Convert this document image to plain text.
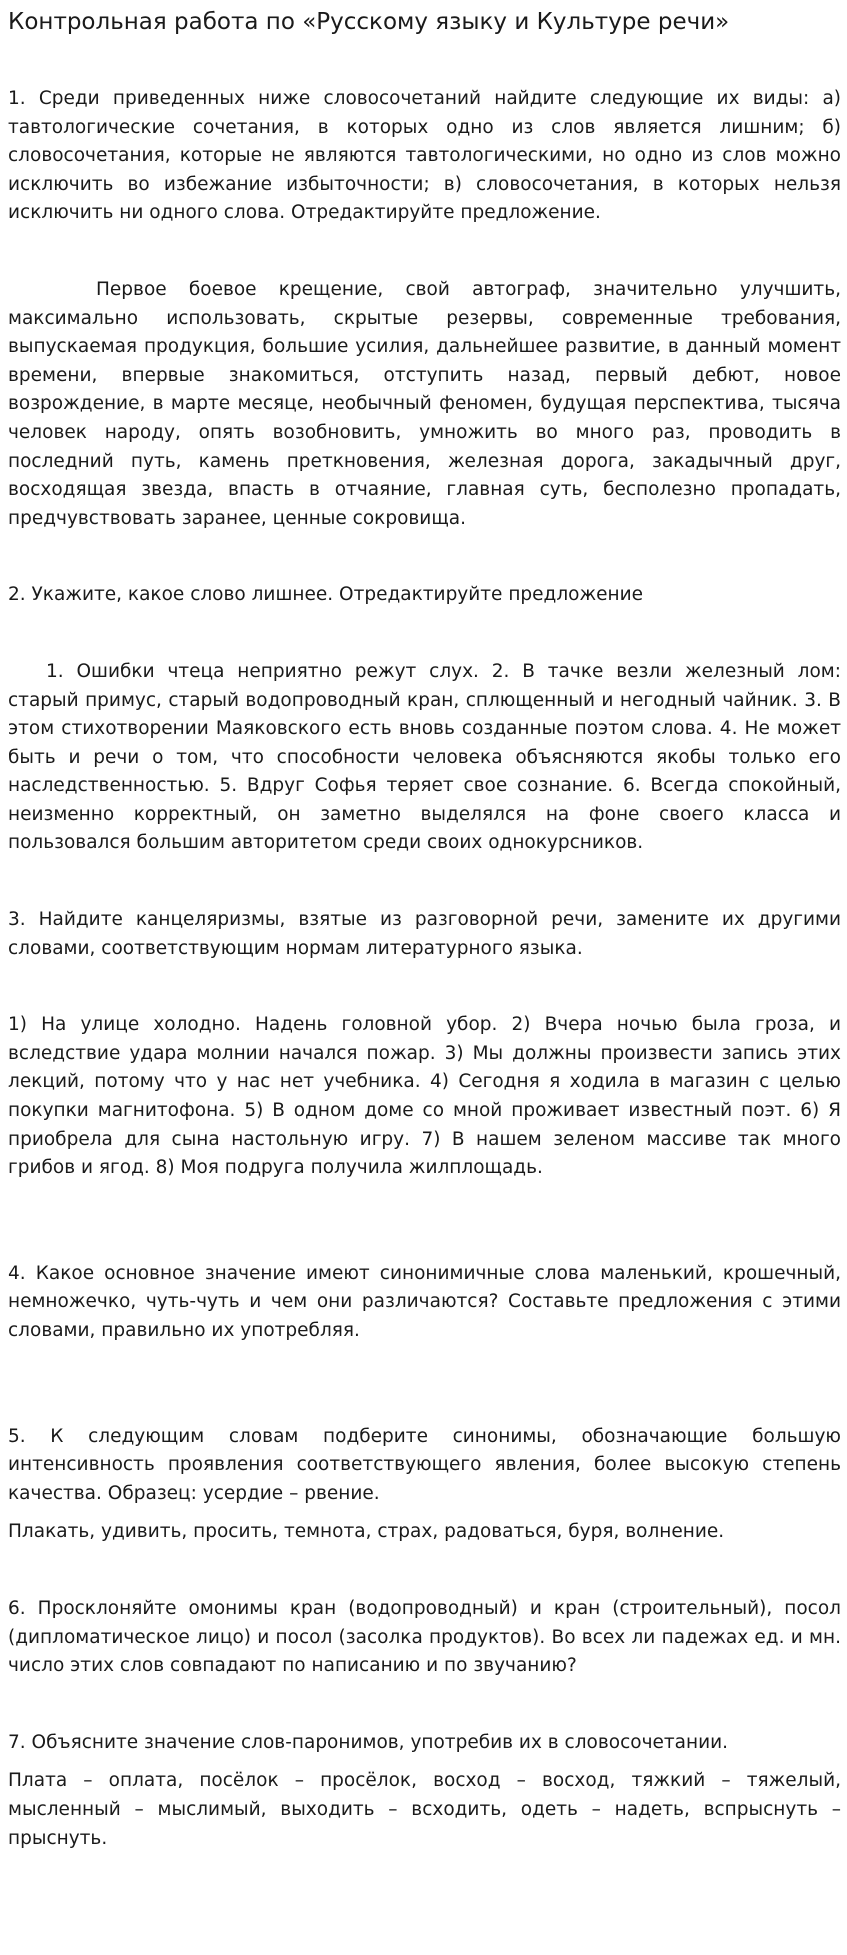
Контрольная работа по «Русскому языку и Культуре речи»

1. Среди приведенных ниже словосочетаний найдите следующие их виды: а) тавтологические сочетания, в которых одно из слов является лишним; б) словосочетания, которые не являются тавтологическими, но одно из слов можно исключить во избежание избыточности; в) словосочетания, в которых нельзя исключить ни одного слова. Отредактируйте предложение.

Первое боевое крещение, свой автограф, значительно улучшить, максимально использовать, скрытые резервы, современные требования, выпускаемая продукция, большие усилия, дальнейшее развитие, в данный момент времени, впервые знакомиться, отступить назад, первый дебют, новое возрождение, в марте месяце, необычный феномен, будущая перспектива, тысяча человек народу, опять возобновить, умножить во много раз, проводить в последний путь, камень преткновения, железная дорога, закадычный друг, восходящая звезда, впасть в отчаяние, главная суть, бесполезно пропадать, предчувствовать заранее, ценные сокровища.

2. Укажите, какое слово лишнее. Отредактируйте предложение

1. Ошибки чтеца неприятно режут слух. 2. В тачке везли железный лом: старый примус, старый водопроводный кран, сплющенный и негодный чайник. 3. В этом стихотворении Маяковского есть вновь созданные поэтом слова. 4. Не может быть и речи о том, что способности человека объясняются якобы только его наследственностью. 5. Вдруг Софья теряет свое сознание. 6. Всегда спокойный, неизменно корректный, он заметно выделялся на фоне своего класса и пользовался большим авторитетом среди своих однокурсников.

3. Найдите канцеляризмы, взятые из разговорной речи, замените их другими словами, соответствующим нормам литературного языка.

1) На улице холодно. Надень головной убор. 2) Вчера ночью была гроза, и вследствие удара молнии начался пожар. 3) Мы должны произвести запись этих лекций, потому что у нас нет учебника. 4) Сегодня я ходила в магазин с целью покупки магнитофона. 5) В одном доме со мной проживает известный поэт. 6) Я приобрела для сына настольную игру. 7) В нашем зеленом массиве так много грибов и ягод. 8) Моя подруга получила жилплощадь.

4. Какое основное значение имеют синонимичные слова маленький, крошечный, немножечко, чуть-чуть и чем они различаются? Составьте предложения с этими словами, правильно их употребляя.

5. К следующим словам подберите синонимы, обозначающие большую интенсивность проявления соответствующего явления, более высокую степень качества. Образец: усердие – рвение.

Плакать, удивить, просить, темнота, страх, радоваться, буря, волнение.

6. Просклоняйте омонимы кран (водопроводный) и кран (строительный), посол (дипломатическое лицо) и посол (засолка продуктов). Во всех ли падежах ед. и мн. число этих слов совпадают по написанию и по звучанию?

7. Объясните значение слов-паронимов, употребив их в словосочетании.

Плата – оплата, посёлок – просёлок, восход – восход, тяжкий – тяжелый, мысленный – мыслимый, выходить – всходить, одеть – надеть, вспрыснуть – прыснуть.
